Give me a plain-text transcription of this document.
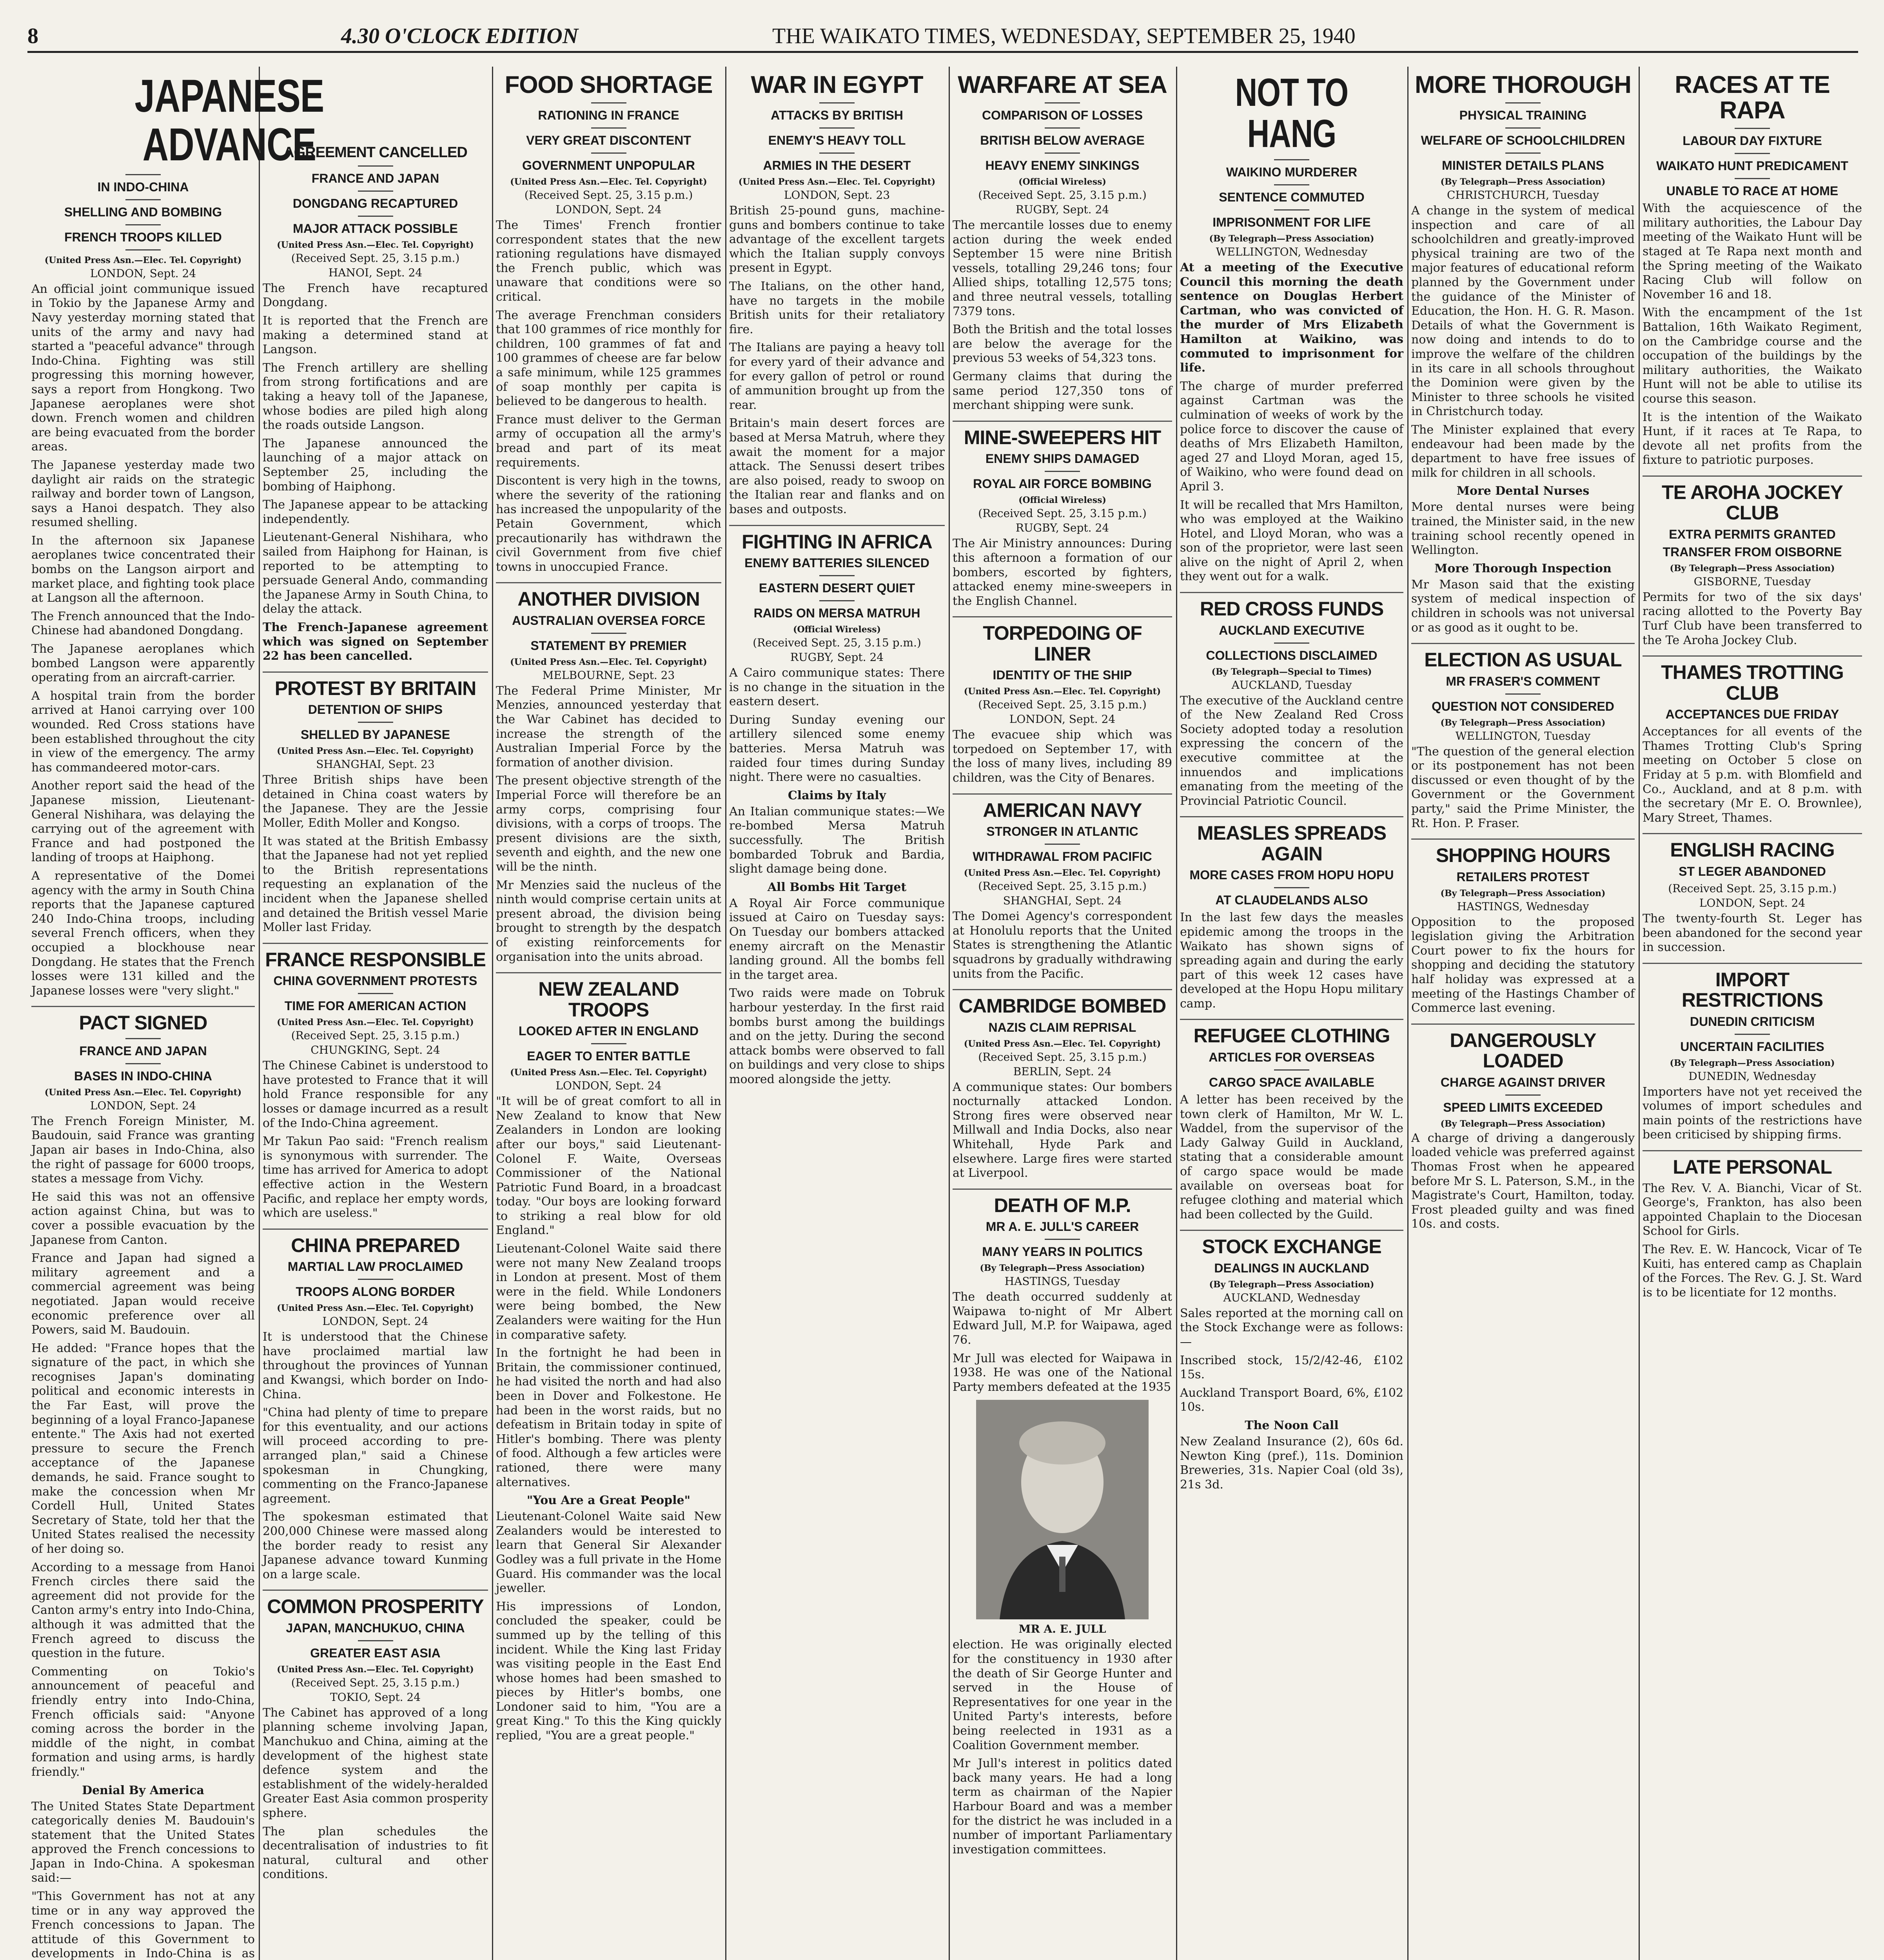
8	4.30 O'CLOCK EDITION	THE WAIKATO TIMES, WEDNESDAY, SEPTEMBER 25, 1940
JAPANESE ADVANCE
IN INDO-CHINA
SHELLING AND BOMBING
FRENCH TROOPS KILLED
(United Press Asn.—Elec. Tel. Copyright)
LONDON, Sept. 24

An official joint communique issued in Tokio by the Japanese Army and Navy yesterday morning stated that units of the army and navy had started a "peaceful advance" through Indo-China. Fighting was still progressing this morning however, says a report from Hongkong. Two Japanese aeroplanes were shot down. French women and children are being evacuated from the border areas.

The Japanese yesterday made two daylight air raids on the strategic railway and border town of Langson, says a Hanoi despatch. They also resumed shelling.

In the afternoon six Japanese aeroplanes twice concentrated their bombs on the Langson airport and market place, and fighting took place at Langson all the afternoon.

The French announced that the Indo-Chinese had abandoned Dongdang.

The Japanese aeroplanes which bombed Langson were apparently operating from an aircraft-carrier.

A hospital train from the border arrived at Hanoi carrying over 100 wounded. Red Cross stations have been established throughout the city in view of the emergency. The army has commandeered motor-cars.

Another report said the head of the Japanese mission, Lieutenant-General Nishihara, was delaying the carrying out of the agreement with France and had postponed the landing of troops at Haiphong.

A representative of the Domei agency with the army in South China reports that the Japanese captured 240 Indo-China troops, including several French officers, when they occupied a blockhouse near Dongdang. He states that the French losses were 131 killed and the Japanese losses were "very slight."

PACT SIGNED
FRANCE AND JAPAN
BASES IN INDO-CHINA
(United Press Asn.—Elec. Tel. Copyright)
LONDON, Sept. 24

The French Foreign Minister, M. Baudouin, said France was granting Japan air bases in Indo-China, also the right of passage for 6000 troops, states a message from Vichy.

He said this was not an offensive action against China, but was to cover a possible evacuation by the Japanese from Canton.

France and Japan had signed a military agreement and a commercial agreement was being negotiated. Japan would receive economic preference over all Powers, said M. Baudouin.

He added: "France hopes that the signature of the pact, in which she recognises Japan's dominating political and economic interests in the Far East, will prove the beginning of a loyal Franco-Japanese entente." The Axis had not exerted pressure to secure the French acceptance of the Japanese demands, he said. France sought to make the concession when Mr Cordell Hull, United States Secretary of State, told her that the United States realised the necessity of her doing so.

According to a message from Hanoi French circles there said the agreement did not provide for the Canton army's entry into Indo-China, although it was admitted that the French agreed to discuss the question in the future.

Commenting on Tokio's announcement of peaceful and friendly entry into Indo-China, French officials said: "Anyone coming across the border in the middle of the night, in combat formation and using arms, is hardly friendly."

Denial By America

The United States State Department categorically denies M. Baudouin's statement that the United States approved the French concessions to Japan in Indo-China. A spokesman said:—

"This Government has not at any time or in any way approved the French concessions to Japan. The attitude of this Government to developments in Indo-China is as

AGREEMENT CANCELLED
FRANCE AND JAPAN
DONGDANG RECAPTURED
MAJOR ATTACK POSSIBLE
(United Press Asn.—Elec. Tel. Copyright)
(Received Sept. 25, 3.15 p.m.)
HANOI, Sept. 24

The French have recaptured Dongdang.

It is reported that the French are making a determined stand at Langson.

The French artillery are shelling from strong fortifications and are taking a heavy toll of the Japanese, whose bodies are piled high along the roads outside Langson.

The Japanese announced the launching of a major attack on September 25, including the bombing of Haiphong.

The Japanese appear to be attacking independently.

Lieutenant-General Nishihara, who sailed from Haiphong for Hainan, is reported to be attempting to persuade General Ando, commanding the Japanese Army in South China, to delay the attack.

The French-Japanese agreement which was signed on September 22 has been cancelled.

PROTEST BY BRITAIN
DETENTION OF SHIPS
SHELLED BY JAPANESE
(United Press Asn.—Elec. Tel. Copyright)
SHANGHAI, Sept. 23

Three British ships have been detained in China coast waters by the Japanese. They are the Jessie Moller, Edith Moller and Kongso.

It was stated at the British Embassy that the Japanese had not yet replied to the British representations requesting an explanation of the incident when the Japanese shelled and detained the British vessel Marie Moller last Friday.

FRANCE RESPONSIBLE
CHINA GOVERNMENT PROTESTS
TIME FOR AMERICAN ACTION
(United Press Asn.—Elec. Tel. Copyright)
(Received Sept. 25, 3.15 p.m.)
CHUNGKING, Sept. 24

The Chinese Cabinet is understood to have protested to France that it will hold France responsible for any losses or damage incurred as a result of the Indo-China agreement.

Mr Takun Pao said: "French realism is synonymous with surrender. The time has arrived for America to adopt effective action in the Western Pacific, and replace her empty words, which are useless."

CHINA PREPARED
MARTIAL LAW PROCLAIMED
TROOPS ALONG BORDER
(United Press Asn.—Elec. Tel. Copyright)
LONDON, Sept. 24

It is understood that the Chinese have proclaimed martial law throughout the provinces of Yunnan and Kwangsi, which border on Indo-China.

"China had plenty of time to prepare for this eventuality, and our actions will proceed according to pre-arranged plan," said a Chinese spokesman in Chungking, commenting on the Franco-Japanese agreement.

The spokesman estimated that 200,000 Chinese were massed along the border ready to resist any Japanese advance toward Kunming on a large scale.

COMMON PROSPERITY
JAPAN, MANCHUKUO, CHINA
GREATER EAST ASIA
(United Press Asn.—Elec. Tel. Copyright)
(Received Sept. 25, 3.15 p.m.)
TOKIO, Sept. 24

The Cabinet has approved of a long planning scheme involving Japan, Manchukuo and China, aiming at the development of the highest state defence system and the establishment of the widely-heralded Greater East Asia common prosperity sphere.

The plan schedules the decentralisation of industries to fit natural, cultural and other conditions.

FOOD SHORTAGE
RATIONING IN FRANCE
VERY GREAT DISCONTENT
GOVERNMENT UNPOPULAR
(United Press Asn.—Elec. Tel. Copyright)
(Received Sept. 25, 3.15 p.m.)
LONDON, Sept. 24

The Times' French frontier correspondent states that the new rationing regulations have dismayed the French public, which was unaware that conditions were so critical.

The average Frenchman considers that 100 grammes of rice monthly for children, 100 grammes of fat and 100 grammes of cheese are far below a safe minimum, while 125 grammes of soap monthly per capita is believed to be dangerous to health.

France must deliver to the German army of occupation all the army's bread and part of its meat requirements.

Discontent is very high in the towns, where the severity of the rationing has increased the unpopularity of the Petain Government, which precautionarily has withdrawn the civil Government from five chief towns in unoccupied France.

ANOTHER DIVISION
AUSTRALIAN OVERSEA FORCE
STATEMENT BY PREMIER
(United Press Asn.—Elec. Tel. Copyright)
MELBOURNE, Sept. 23

The Federal Prime Minister, Mr Menzies, announced yesterday that the War Cabinet has decided to increase the strength of the Australian Imperial Force by the formation of another division.

The present objective strength of the Imperial Force will therefore be an army corps, comprising four divisions, with a corps of troops. The present divisions are the sixth, seventh and eighth, and the new one will be the ninth.

Mr Menzies said the nucleus of the ninth would comprise certain units at present abroad, the division being brought to strength by the despatch of existing reinforcements for organisation into the units abroad.

NEW ZEALAND TROOPS
LOOKED AFTER IN ENGLAND
EAGER TO ENTER BATTLE
(United Press Asn.—Elec. Tel. Copyright)
LONDON, Sept. 24

"It will be of great comfort to all in New Zealand to know that New Zealanders in London are looking after our boys," said Lieutenant-Colonel F. Waite, Overseas Commissioner of the National Patriotic Fund Board, in a broadcast today. "Our boys are looking forward to striking a real blow for old England."

Lieutenant-Colonel Waite said there were not many New Zealand troops in London at present. Most of them were in the field. While Londoners were being bombed, the New Zealanders were waiting for the Hun in comparative safety.

In the fortnight he had been in Britain, the commissioner continued, he had visited the north and had also been in Dover and Folkestone. He had been in the worst raids, but no defeatism in Britain today in spite of Hitler's bombing. There was plenty of food. Although a few articles were rationed, there were many alternatives.

"You Are a Great People"

Lieutenant-Colonel Waite said New Zealanders would be interested to learn that General Sir Alexander Godley was a full private in the Home Guard. His commander was the local jeweller.

His impressions of London, concluded the speaker, could be summed up by the telling of this incident. While the King last Friday was visiting people in the East End whose homes had been smashed to pieces by Hitler's bombs, one Londoner said to him, "You are a great King." To this the King quickly replied, "You are a great people."

WAR IN EGYPT
ATTACKS BY BRITISH
ENEMY'S HEAVY TOLL
ARMIES IN THE DESERT
(United Press Asn.—Elec. Tel. Copyright)
LONDON, Sept. 23

British 25-pound guns, machine-guns and bombers continue to take advantage of the excellent targets which the Italian supply convoys present in Egypt.

The Italians, on the other hand, have no targets in the mobile British units for their retaliatory fire.

The Italians are paying a heavy toll for every yard of their advance and for every gallon of petrol or round of ammunition brought up from the rear.

Britain's main desert forces are based at Mersa Matruh, where they await the moment for a major attack. The Senussi desert tribes are also poised, ready to swoop on the Italian rear and flanks and on bases and outposts.

FIGHTING IN AFRICA
ENEMY BATTERIES SILENCED
EASTERN DESERT QUIET
RAIDS ON MERSA MATRUH
(Official Wireless)
(Received Sept. 25, 3.15 p.m.)
RUGBY, Sept. 24

A Cairo communique states: There is no change in the situation in the eastern desert.

During Sunday evening our artillery silenced some enemy batteries. Mersa Matruh was raided four times during Sunday night. There were no casualties.

Claims by Italy

An Italian communique states:—We re-bombed Mersa Matruh successfully. The British bombarded Tobruk and Bardia, slight damage being done.

All Bombs Hit Target

A Royal Air Force communique issued at Cairo on Tuesday says: On Tuesday our bombers attacked enemy aircraft on the Menastir landing ground. All the bombs fell in the target area.

Two raids were made on Tobruk harbour yesterday. In the first raid bombs burst among the buildings and on the jetty. During the second attack bombs were observed to fall on buildings and very close to ships moored alongside the jetty.

WARFARE AT SEA
COMPARISON OF LOSSES
BRITISH BELOW AVERAGE
HEAVY ENEMY SINKINGS
(Official Wireless)
(Received Sept. 25, 3.15 p.m.)
RUGBY, Sept. 24

The mercantile losses due to enemy action during the week ended September 15 were nine British vessels, totalling 29,246 tons; four Allied ships, totalling 12,575 tons; and three neutral vessels, totalling 7379 tons.

Both the British and the total losses are below the average for the previous 53 weeks of 54,323 tons.

Germany claims that during the same period 127,350 tons of merchant shipping were sunk.

MINE-SWEEPERS HIT
ENEMY SHIPS DAMAGED
ROYAL AIR FORCE BOMBING
(Official Wireless)
(Received Sept. 25, 3.15 p.m.)
RUGBY, Sept. 24

The Air Ministry announces: During this afternoon a formation of our bombers, escorted by fighters, attacked enemy mine-sweepers in the English Channel.

TORPEDOING OF LINER
IDENTITY OF THE SHIP
(United Press Asn.—Elec. Tel. Copyright)
(Received Sept. 25, 3.15 p.m.)
LONDON, Sept. 24

The evacuee ship which was torpedoed on September 17, with the loss of many lives, including 89 children, was the City of Benares.

AMERICAN NAVY
STRONGER IN ATLANTIC
WITHDRAWAL FROM PACIFIC
(United Press Asn.—Elec. Tel. Copyright)
(Received Sept. 25, 3.15 p.m.)
SHANGHAI, Sept. 24

The Domei Agency's correspondent at Honolulu reports that the United States is strengthening the Atlantic squadrons by gradually withdrawing units from the Pacific.

CAMBRIDGE BOMBED
NAZIS CLAIM REPRISAL
(United Press Asn.—Elec. Tel. Copyright)
(Received Sept. 25, 3.15 p.m.)
BERLIN, Sept. 24

A communique states: Our bombers nocturnally attacked London. Strong fires were observed near Millwall and India Docks, also near Whitehall, Hyde Park and elsewhere. Large fires were started at Liverpool.

DEATH OF M.P.
MR A. E. JULL'S CAREER
MANY YEARS IN POLITICS
(By Telegraph—Press Association)
HASTINGS, Tuesday

The death occurred suddenly at Waipawa to-night of Mr Albert Edward Jull, M.P. for Waipawa, aged 76.

Mr Jull was elected for Waipawa in 1938. He was one of the National Party members defeated at the 1935

MR A. E. JULL

election. He was originally elected for the constituency in 1930 after the death of Sir George Hunter and served in the House of Representatives for one year in the United Party's interests, before being reelected in 1931 as a Coalition Government member.

Mr Jull's interest in politics dated back many years. He had a long term as chairman of the Napier Harbour Board and was a member for the district he was included in a number of important Parliamentary investigation committees.

NOT TO HANG
WAIKINO MURDERER
SENTENCE COMMUTED
IMPRISONMENT FOR LIFE
(By Telegraph—Press Association)
WELLINGTON, Wednesday

At a meeting of the Executive Council this morning the death sentence on Douglas Herbert Cartman, who was convicted of the murder of Mrs Elizabeth Hamilton at Waikino, was commuted to imprisonment for life.

The charge of murder preferred against Cartman was the culmination of weeks of work by the police force to discover the cause of deaths of Mrs Elizabeth Hamilton, aged 27 and Lloyd Moran, aged 15, of Waikino, who were found dead on April 3.

It will be recalled that Mrs Hamilton, who was employed at the Waikino Hotel, and Lloyd Moran, who was a son of the proprietor, were last seen alive on the night of April 2, when they went out for a walk.

RED CROSS FUNDS
AUCKLAND EXECUTIVE
COLLECTIONS DISCLAIMED
(By Telegraph—Special to Times)
AUCKLAND, Tuesday

The executive of the Auckland centre of the New Zealand Red Cross Society adopted today a resolution expressing the concern of the executive committee at the innuendos and implications emanating from the meeting of the Provincial Patriotic Council.

MEASLES SPREADS AGAIN
MORE CASES FROM HOPU HOPU
AT CLAUDELANDS ALSO

In the last few days the measles epidemic among the troops in the Waikato has shown signs of spreading again and during the early part of this week 12 cases have developed at the Hopu Hopu military camp.

REFUGEE CLOTHING
ARTICLES FOR OVERSEAS
CARGO SPACE AVAILABLE

A letter has been received by the town clerk of Hamilton, Mr W. L. Waddel, from the supervisor of the Lady Galway Guild in Auckland, stating that a considerable amount of cargo space would be made available on overseas boat for refugee clothing and material which had been collected by the Guild.

STOCK EXCHANGE
DEALINGS IN AUCKLAND
(By Telegraph—Press Association)
AUCKLAND, Wednesday

Sales reported at the morning call on the Stock Exchange were as follows:—

Inscribed stock, 15/2/42-46, £102 15s.

Auckland Transport Board, 6%, £102 10s.

The Noon Call

New Zealand Insurance (2), 60s 6d. Newton King (pref.), 11s. Dominion Breweries, 31s. Napier Coal (old 3s), 21s 3d.

MORE THOROUGH
PHYSICAL TRAINING
WELFARE OF SCHOOLCHILDREN
MINISTER DETAILS PLANS
(By Telegraph—Press Association)
CHRISTCHURCH, Tuesday

A change in the system of medical inspection and care of all schoolchildren and greatly-improved physical training are two of the major features of educational reform planned by the Government under the guidance of the Minister of Education, the Hon. H. G. R. Mason. Details of what the Government is now doing and intends to do to improve the welfare of the children in its care in all schools throughout the Dominion were given by the Minister to three schools he visited in Christchurch today.

The Minister explained that every endeavour had been made by the department to have free issues of milk for children in all schools.

More Dental Nurses

More dental nurses were being trained, the Minister said, in the new training school recently opened in Wellington.

More Thorough Inspection

Mr Mason said that the existing system of medical inspection of children in schools was not universal or as good as it ought to be.

ELECTION AS USUAL
MR FRASER'S COMMENT
QUESTION NOT CONSIDERED
(By Telegraph—Press Association)
WELLINGTON, Tuesday

"The question of the general election or its postponement has not been discussed or even thought of by the Government or the Government party," said the Prime Minister, the Rt. Hon. P. Fraser.

SHOPPING HOURS
RETAILERS PROTEST
(By Telegraph—Press Association)
HASTINGS, Wednesday

Opposition to the proposed legislation giving the Arbitration Court power to fix the hours for shopping and deciding the statutory half holiday was expressed at a meeting of the Hastings Chamber of Commerce last evening.

DANGEROUSLY LOADED
CHARGE AGAINST DRIVER
SPEED LIMITS EXCEEDED
(By Telegraph—Press Association)

A charge of driving a dangerously loaded vehicle was preferred against Thomas Frost when he appeared before Mr S. L. Paterson, S.M., in the Magistrate's Court, Hamilton, today. Frost pleaded guilty and was fined 10s. and costs.

RACES AT TE RAPA
LABOUR DAY FIXTURE
WAIKATO HUNT PREDICAMENT
UNABLE TO RACE AT HOME

With the acquiescence of the military authorities, the Labour Day meeting of the Waikato Hunt will be staged at Te Rapa next month and the Spring meeting of the Waikato Racing Club will follow on November 16 and 18.

With the encampment of the 1st Battalion, 16th Waikato Regiment, on the Cambridge course and the occupation of the buildings by the military authorities, the Waikato Hunt will not be able to utilise its course this season.

It is the intention of the Waikato Hunt, if it races at Te Rapa, to devote all net profits from the fixture to patriotic purposes.

TE AROHA JOCKEY CLUB
EXTRA PERMITS GRANTED
TRANSFER FROM OISBORNE
(By Telegraph—Press Association)
GISBORNE, Tuesday

Permits for two of the six days' racing allotted to the Poverty Bay Turf Club have been transferred to the Te Aroha Jockey Club.

THAMES TROTTING CLUB
ACCEPTANCES DUE FRIDAY

Acceptances for all events of the Thames Trotting Club's Spring meeting on October 5 close on Friday at 5 p.m. with Blomfield and Co., Auckland, and at 8 p.m. with the secretary (Mr E. O. Brownlee), Mary Street, Thames.

ENGLISH RACING
ST LEGER ABANDONED
(Received Sept. 25, 3.15 p.m.)
LONDON, Sept. 24

The twenty-fourth St. Leger has been abandoned for the second year in succession.

IMPORT RESTRICTIONS
DUNEDIN CRITICISM
UNCERTAIN FACILITIES
(By Telegraph—Press Association)
DUNEDIN, Wednesday

Importers have not yet received the volumes of import schedules and main points of the restrictions have been criticised by shipping firms.

LATE PERSONAL

The Rev. V. A. Bianchi, Vicar of St. George's, Frankton, has also been appointed Chaplain to the Diocesan School for Girls.

The Rev. E. W. Hancock, Vicar of Te Kuiti, has entered camp as Chaplain of the Forces. The Rev. G. J. St. Ward is to be licentiate for 12 months.
